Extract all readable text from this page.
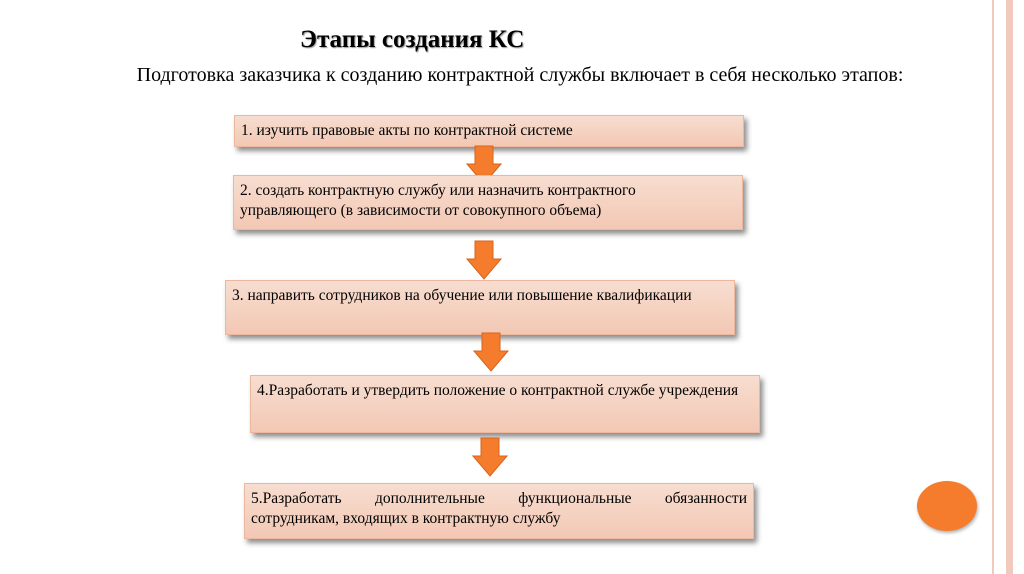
Этапы создания КС
Подготовка заказчика к созданию контрактной службы включает в себя несколько этапов:
1. изучить правовые акты по контрактной системе
2. создать контрактную службу или назначить контрактного управляющего (в зависимости от совокупного объема)
3. направить сотрудников на обучение или повышение квалификации
4.Разработать и утвердить положение о контрактной службе учреждения
5.Разработать дополнительные функциональные обязанности сотрудникам, входящих в контрактную службу
